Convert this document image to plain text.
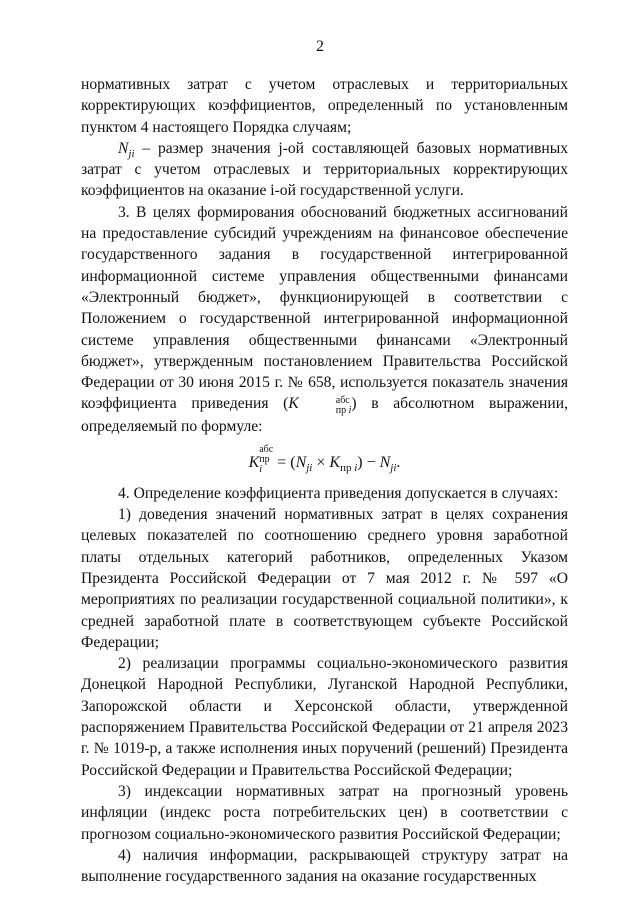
2

нормативных затрат с учетом отраслевых и территориальных корректирующих коэффициентов, определенный по установленным пунктом 4 настоящего Порядка случаям;

$N_{ji}$ – размер значения j-ой составляющей базовых нормативных затрат с учетом отраслевых и территориальных корректирующих коэффициентов на оказание i-ой государственной услуги.

3. В целях формирования обоснований бюджетных ассигнований на предоставление субсидий учреждениям на финансовое обеспечение государственного задания в государственной интегрированной информационной системе управления общественными финансами «Электронный бюджет», функционирующей в соответствии с Положением о государственной интегрированной информационной системе управления общественными финансами «Электронный бюджет», утвержденным постановлением Правительства Российской Федерации от 30 июня 2015 г. № 658, используется показатель значения коэффициента приведения (K	абс
пр i ) в абсолютном выражении, определяемый по формуле:

K
абс
пр
$i = (N_{ji} \times K_{пр i}) - N_{ji}$.

4. Определение коэффициента приведения допускается в случаях:

1) доведения значений нормативных затрат в целях сохранения целевых показателей по соотношению среднего уровня заработной платы отдельных категорий работников, определенных Указом Президента Российской Федерации от 7 мая 2012 г. № 597 «О мероприятиях по реализации государственной социальной политики», к средней заработной плате в соответствующем субъекте Российской Федерации;

2) реализации программы социально-экономического развития Донецкой Народной Республики, Луганской Народной Республики, Запорожской области и Херсонской области, утвержденной распоряжением Правительства Российской Федерации от 21 апреля 2023 г. № 1019-р, а также исполнения иных поручений (решений) Президента Российской Федерации и Правительства Российской Федерации;

3) индексации нормативных затрат на прогнозный уровень инфляции (индекс роста потребительских цен) в соответствии с прогнозом социально-экономического развития Российской Федерации;

4) наличия информации, раскрывающей структуру затрат на выполнение государственного задания на оказание государственных
